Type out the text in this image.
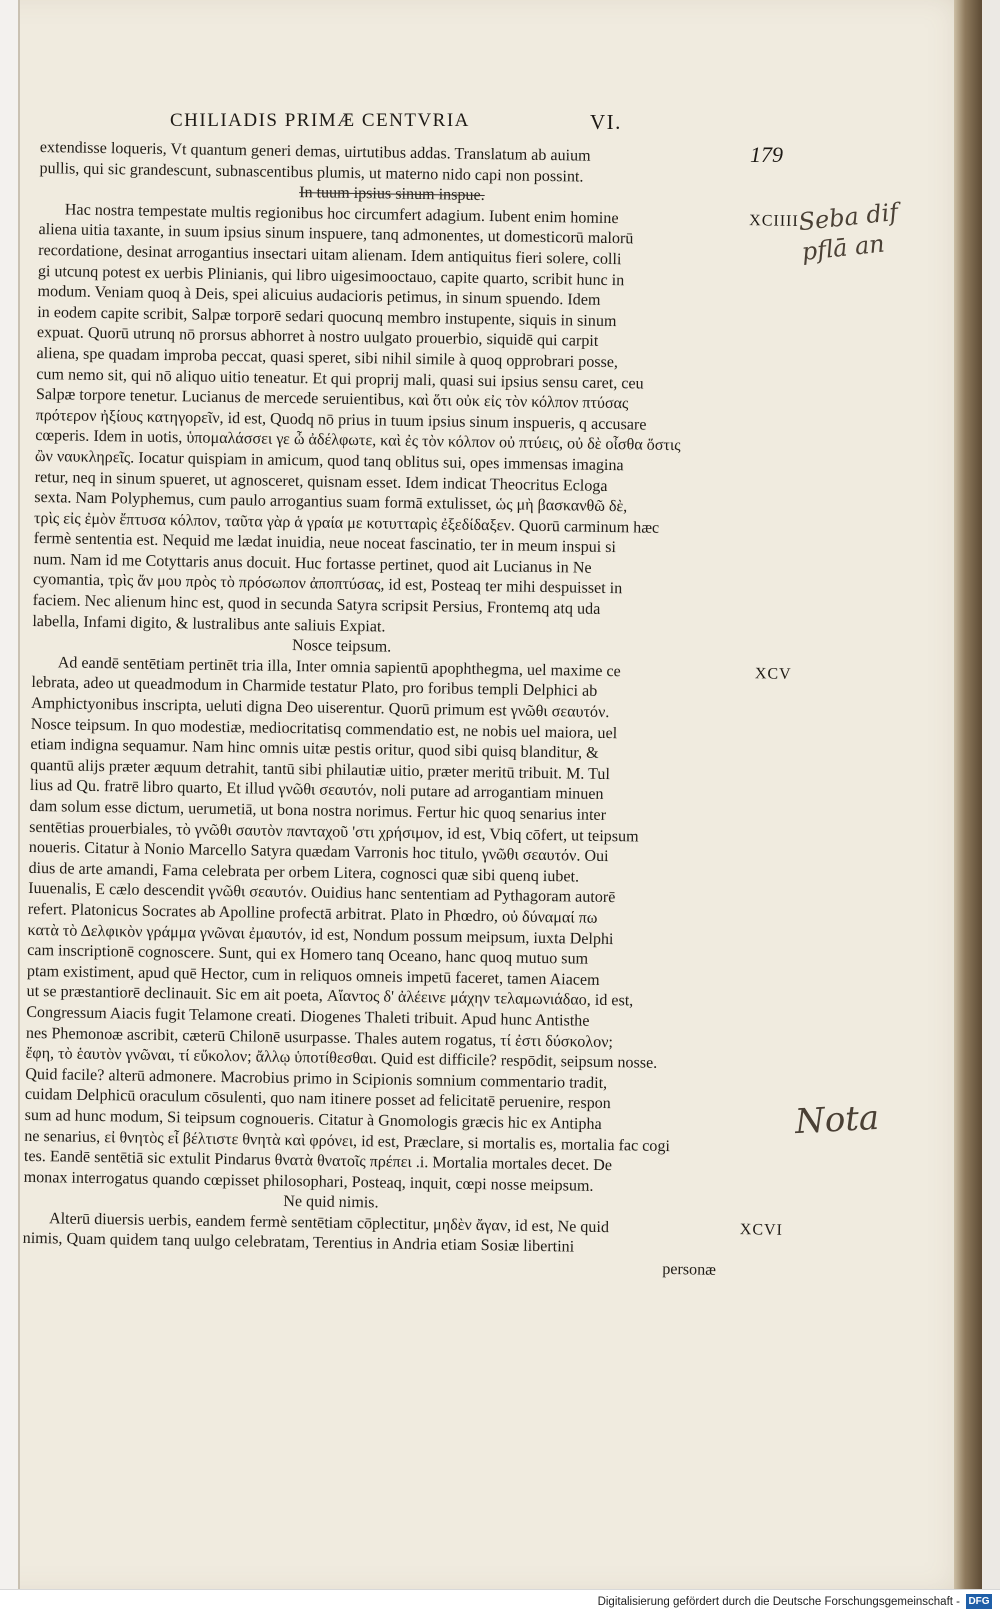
CHILIADIS PRIMÆ CENTVRIA	VI.
179
extendisse loqueris, Vt quantum generi demas, uirtutibus addas. Translatum ab auium
pullis, qui sic grandescunt, subnascentibus plumis, ut materno nido capi non possint.
In tuum ipsius sinum inspue.
Hac nostra tempestate multis regionibus hoc circumfert adagium. Iubent enim homine	XCIIII
aliena uitia taxante, in suum ipsius sinum inspuere, tanq admonentes, ut domesticorū malorū
recordatione, desinat arrogantius insectari uitam alienam. Idem antiquitus fieri solere, colli
gi utcunq potest ex uerbis Plinianis, qui libro uigesimooctauo, capite quarto, scribit hunc in
modum. Veniam quoq à Deis, spei alicuius audacioris petimus, in sinum spuendo. Idem
in eodem capite scribit, Salpæ torporē sedari quocunq membro instupente, siquis in sinum
expuat. Quorū utrunq nō prorsus abhorret à nostro uulgato prouerbio, siquidē qui carpit
aliena, spe quadam improba peccat, quasi speret, sibi nihil simile à quoq opprobrari posse,
cum nemo sit, qui nō aliquo uitio teneatur. Et qui proprij mali, quasi sui ipsius sensu caret, ceu
Salpæ torpore tenetur. Lucianus de mercede seruientibus, καὶ ὅτι οὐκ εἰς τὸν κόλπον πτύσας
πρότερον ἠξίους κατηγορεῖν, id est, Quodq nō prius in tuum ipsius sinum inspueris, q accusare
cœperis. Idem in uotis, ὑπομαλάσσει γε ὦ ἀδέλφωτε, καὶ ἐς τὸν κόλπον οὐ πτύεις, οὐ δὲ οἶσθα ὅστις
ὢν ναυκληρεῖς. Iocatur quispiam in amicum, quod tanq oblitus sui, opes immensas imagina
retur, neq in sinum spueret, ut agnosceret, quisnam esset. Idem indicat Theocritus Ecloga
sexta. Nam Polyphemus, cum paulo arrogantius suam formā extulisset, ὡς μὴ βασκανθῶ δὲ,
τρὶς εἰς ἐμὸν ἔπτυσα κόλπον, ταῦτα γὰρ ἁ γραία με κοτυτταρὶς ἐξεδίδαξεν. Quorū carminum hæc
fermè sententia est. Nequid me lædat inuidia, neue noceat fascinatio, ter in meum inspui si
num. Nam id me Cotyttaris anus docuit. Huc fortasse pertinet, quod ait Lucianus in Ne
cyomantia, τρὶς ἄν μου πρὸς τὸ πρόσωπον ἀποπτύσας, id est, Posteaq ter mihi despuisset in
faciem. Nec alienum hinc est, quod in secunda Satyra scripsit Persius, Frontemq atq uda
labella, Infami digito, & lustralibus ante saliuis Expiat.
Nosce teipsum.
Ad eandē sentētiam pertinēt tria illa, Inter omnia sapientū apophthegma, uel maxime ce	XCV
lebrata, adeo ut queadmodum in Charmide testatur Plato, pro foribus templi Delphici ab
Amphictyonibus inscripta, ueluti digna Deo uiserentur. Quorū primum est γνῶθι σεαυτόν.
Nosce teipsum. In quo modestiæ, mediocritatisq commendatio est, ne nobis uel maiora, uel
etiam indigna sequamur. Nam hinc omnis uitæ pestis oritur, quod sibi quisq blanditur, &
quantū alijs præter æquum detrahit, tantū sibi philautiæ uitio, præter meritū tribuit. M. Tul
lius ad Qu. fratrē libro quarto, Et illud γνῶθι σεαυτόν, noli putare ad arrogantiam minuen
dam solum esse dictum, uerumetiā, ut bona nostra norimus. Fertur hic quoq senarius inter
sentētias prouerbiales, τὸ γνῶθι σαυτὸν πανταχοῦ 'στι χρήσιμον, id est, Vbiq cōfert, ut teipsum
noueris. Citatur à Nonio Marcello Satyra quædam Varronis hoc titulo, γνῶθι σεαυτόν. Oui
dius de arte amandi, Fama celebrata per orbem Litera, cognosci quæ sibi quenq iubet.
Iuuenalis, E cælo descendit γνῶθι σεαυτόν. Ouidius hanc sententiam ad Pythagoram autorē
refert. Platonicus Socrates ab Apolline profectā arbitrat. Plato in Phœdro, οὐ δύναμαί πω
κατὰ τὸ Δελφικὸν γράμμα γνῶναι ἐμαυτόν, id est, Nondum possum meipsum, iuxta Delphi
cam inscriptionē cognoscere. Sunt, qui ex Homero tanq Oceano, hanc quoq mutuo sum
ptam existiment, apud quē Hector, cum in reliquos omneis impetū faceret, tamen Aiacem
ut se præstantiorē declinauit. Sic em ait poeta, Αἴαντος δ' ἀλέεινε μάχην τελαμωνιάδαο, id est,
Congressum Aiacis fugit Telamone creati. Diogenes Thaleti tribuit. Apud hunc Antisthe
nes Phemonoæ ascribit, cæterū Chilonē usurpasse. Thales autem rogatus, τί ἐστι δύσκολον;
ἔφη, τὸ ἑαυτὸν γνῶναι, τί εὔκολον; ἄλλῳ ὑποτίθεσθαι. Quid est difficile? respōdit, seipsum nosse.
Quid facile? alterū admonere. Macrobius primo in Scipionis somnium commentario tradit,
cuidam Delphicū oraculum cōsulenti, quo nam itinere posset ad felicitatē peruenire, respon
sum ad hunc modum, Si teipsum cognoueris. Citatur à Gnomologis græcis hic ex Antipha
ne senarius, εἰ θνητὸς εἶ βέλτιστε θνητὰ καὶ φρόνει, id est, Præclare, si mortalis es, mortalia fac cogi
tes. Eandē sentētiā sic extulit Pindarus θνατὰ θνατοῖς πρέπει .i. Mortalia mortales decet. De
monax interrogatus quando cœpisset philosophari, Posteaq, inquit, cœpi nosse meipsum.
Ne quid nimis.
Alterū diuersis uerbis, eandem fermè sentētiam cōplectitur, μηδὲν ἄγαν, id est, Ne quid	XCVI
nimis, Quam quidem tanq uulgo celebratam, Terentius in Andria etiam Sosiæ libertini
personæ
Seba dif
pflā an
Nota
Digitalisierung gefördert durch die Deutsche Forschungsgemeinschaft - DFG
